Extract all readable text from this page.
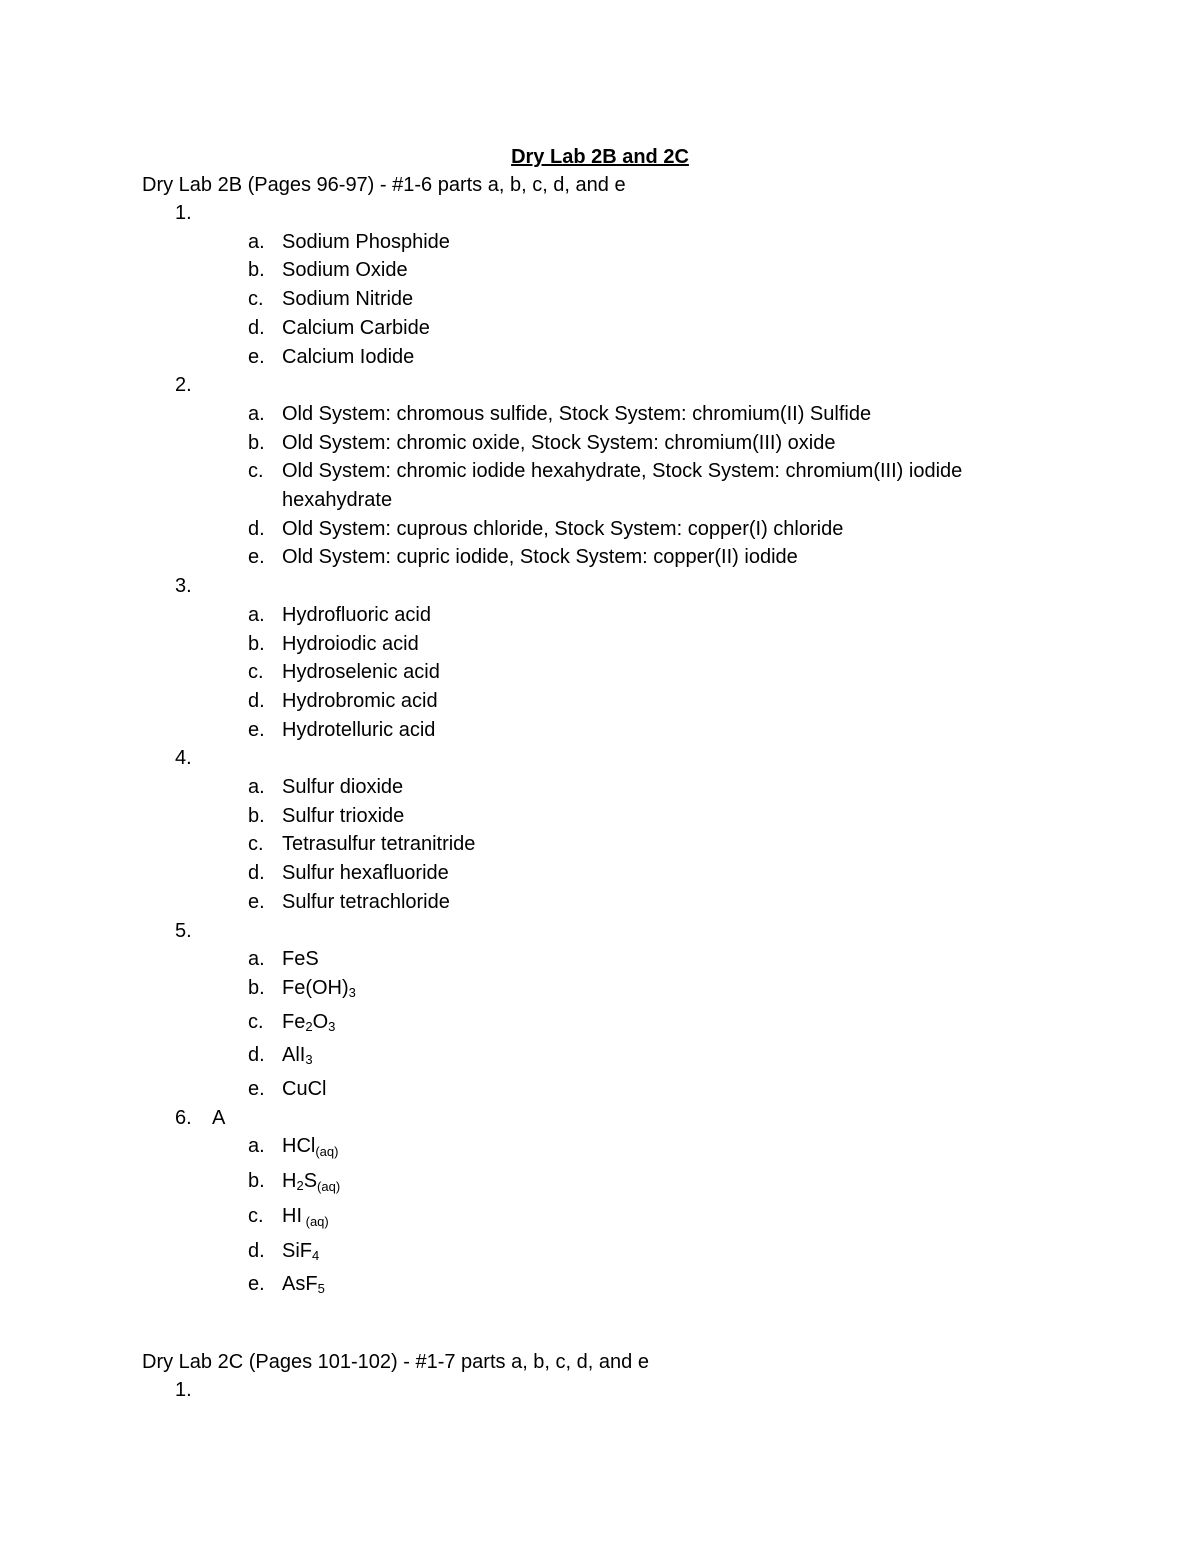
Dry Lab 2B and 2C
Dry Lab 2B (Pages 96-97) - #1-6 parts a, b, c, d, and e
1.
a. Sodium Phosphide
b. Sodium Oxide
c. Sodium Nitride
d. Calcium Carbide
e. Calcium Iodide
2.
a. Old System: chromous sulfide, Stock System: chromium(II) Sulfide
b. Old System: chromic oxide, Stock System: chromium(III) oxide
c. Old System: chromic iodide hexahydrate, Stock System: chromium(III) iodide hexahydrate
d. Old System: cuprous chloride, Stock System: copper(I) chloride
e. Old System: cupric iodide, Stock System: copper(II) iodide
3.
a. Hydrofluoric acid
b. Hydroiodic acid
c. Hydroselenic acid
d. Hydrobromic acid
e. Hydrotelluric acid
4.
a. Sulfur dioxide
b. Sulfur trioxide
c. Tetrasulfur tetranitride
d. Sulfur hexafluoride
e. Sulfur tetrachloride
5.
a. FeS
b. $Fe(OH)_3$
c. $Fe_2O_3$
d. AlI$_3$
e. CuCl
6. A
a. HCl$_{(aq)}$
b. $H_2S_{(aq)}$
c. HI $_{(aq)}$
d. SiF$_4$
e. AsF$_5$
Dry Lab 2C (Pages 101-102) - #1-7 parts a, b, c, d, and e
1.
